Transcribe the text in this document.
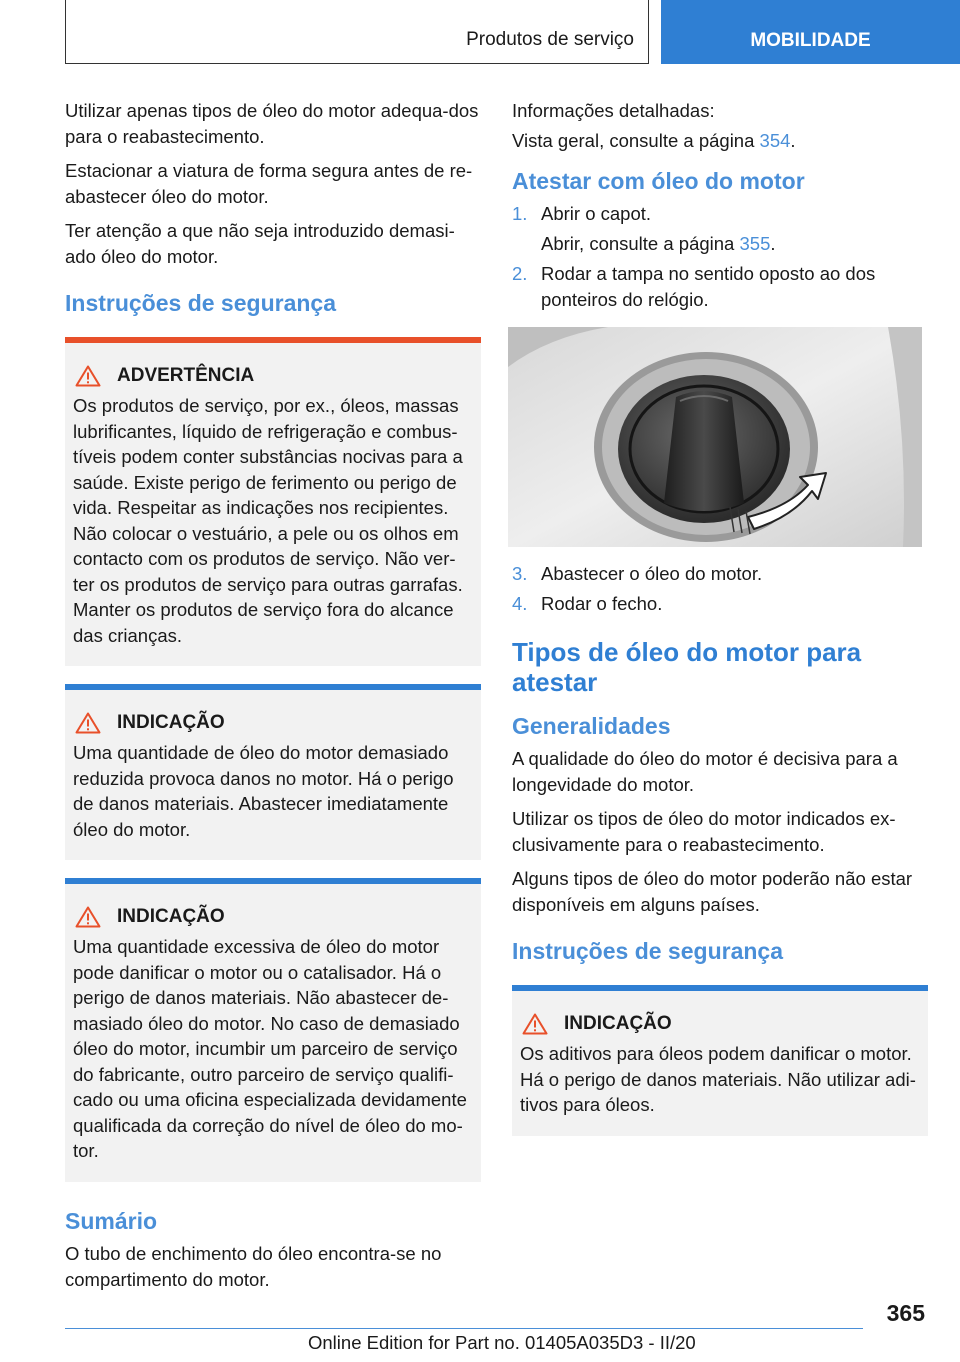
Produtos de serviço	MOBILIDADE

Utilizar apenas tipos de óleo do motor adequa-dos para o reabastecimento.

Estacionar a viatura de forma segura antes de re-abastecer óleo do motor.

Ter atenção a que não seja introduzido demasi-ado óleo do motor.

Instruções de segurança
ADVERTÊNCIA

Os produtos de serviço, por ex., óleos, massas lubrificantes, líquido de refrigeração e combus-tíveis podem conter substâncias nocivas para a saúde. Existe perigo de ferimento ou perigo de vida. Respeitar as indicações nos recipientes. Não colocar o vestuário, a pele ou os olhos em contacto com os produtos de serviço. Não ver-ter os produtos de serviço para outras garrafas. Manter os produtos de serviço fora do alcance das crianças.

INDICAÇÃO

Uma quantidade de óleo do motor demasiado reduzida provoca danos no motor. Há o perigo de danos materiais. Abastecer imediatamente óleo do motor.

INDICAÇÃO

Uma quantidade excessiva de óleo do motor pode danificar o motor ou o catalisador. Há o perigo de danos materiais. Não abastecer de-masiado óleo do motor. No caso de demasiado óleo do motor, incumbir um parceiro de serviço do fabricante, outro parceiro de serviço qualifi-cado ou uma oficina especializada devidamente qualificada da correção do nível de óleo do mo-tor.

Sumário

O tubo de enchimento do óleo encontra-se no compartimento do motor.

Informações detalhadas:

Vista geral, consulte a página 354.

Atestar com óleo do motor
1. Abrir o capot.
Abrir, consulte a página 355.
2. Rodar a tampa no sentido oposto ao dos ponteiros do relógio.
3. Abastecer o óleo do motor.
4. Rodar o fecho.
Tipos de óleo do motor para atestar
Generalidades

A qualidade do óleo do motor é decisiva para a longevidade do motor.

Utilizar os tipos de óleo do motor indicados ex-clusivamente para o reabastecimento.

Alguns tipos de óleo do motor poderão não estar disponíveis em alguns países.

Instruções de segurança
INDICAÇÃO

Os aditivos para óleos podem danificar o motor. Há o perigo de danos materiais. Não utilizar adi-tivos para óleos.

365
Online Edition for Part no. 01405A035D3 - II/20
